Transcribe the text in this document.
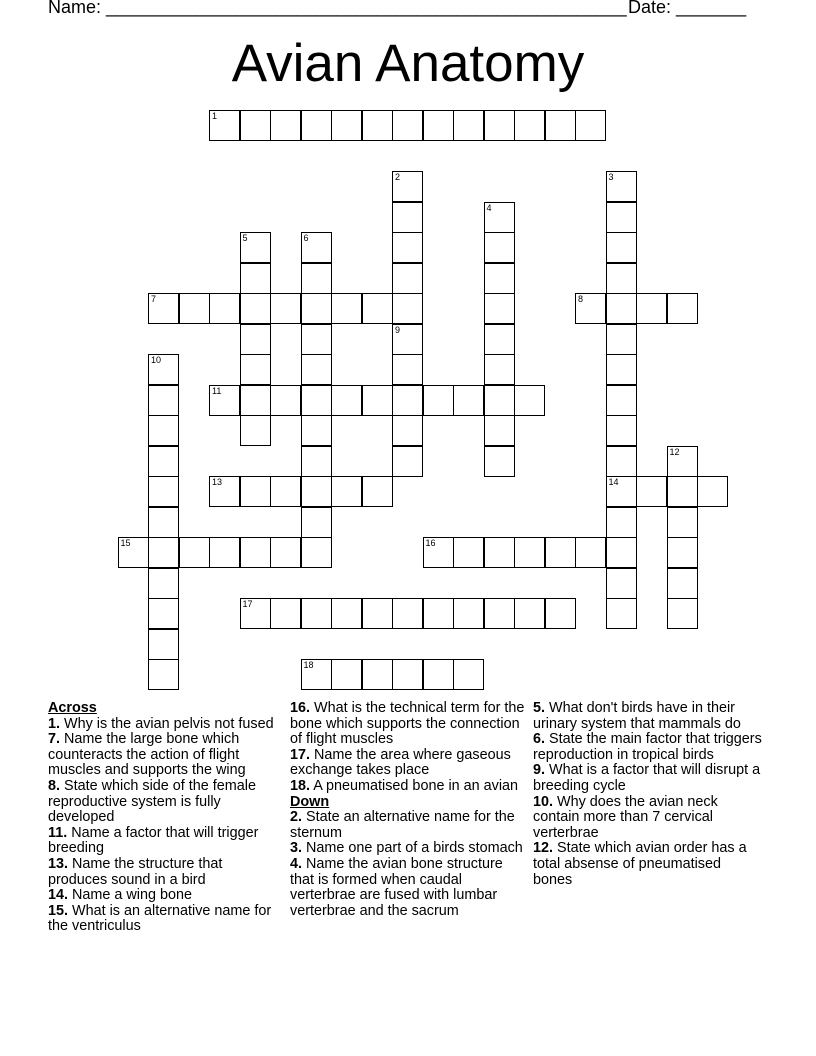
Name: ____________________________________________________ Date: _______
Avian Anatomy
1
2
9
3
14
4
5	6
7	8
10
11
12
13
15	16
17
18
Across
1. Why is the avian pelvis not fused
7. Name the large bone which counteracts the action of flight muscles and supports the wing
8. State which side of the female reproductive system is fully developed
11. Name a factor that will trigger breeding
13. Name the structure that produces sound in a bird
14. Name a wing bone
15. What is an alternative name for the ventriculus
16. What is the technical term for the bone which supports the connection of flight muscles
17. Name the area where gaseous exchange takes place
18. A pneumatised bone in an avian
Down
2. State an alternative name for the sternum
3. Name one part of a birds stomach
4. Name the avian bone structure that is formed when caudal verterbrae are fused with lumbar verterbrae and the sacrum
5. What don't birds have in their urinary system that mammals do
6. State the main factor that triggers reproduction in tropical birds
9. What is a factor that will disrupt a breeding cycle
10. Why does the avian neck contain more than 7 cervical verterbrae
12. State which avian order has a total absense of pneumatised bones
